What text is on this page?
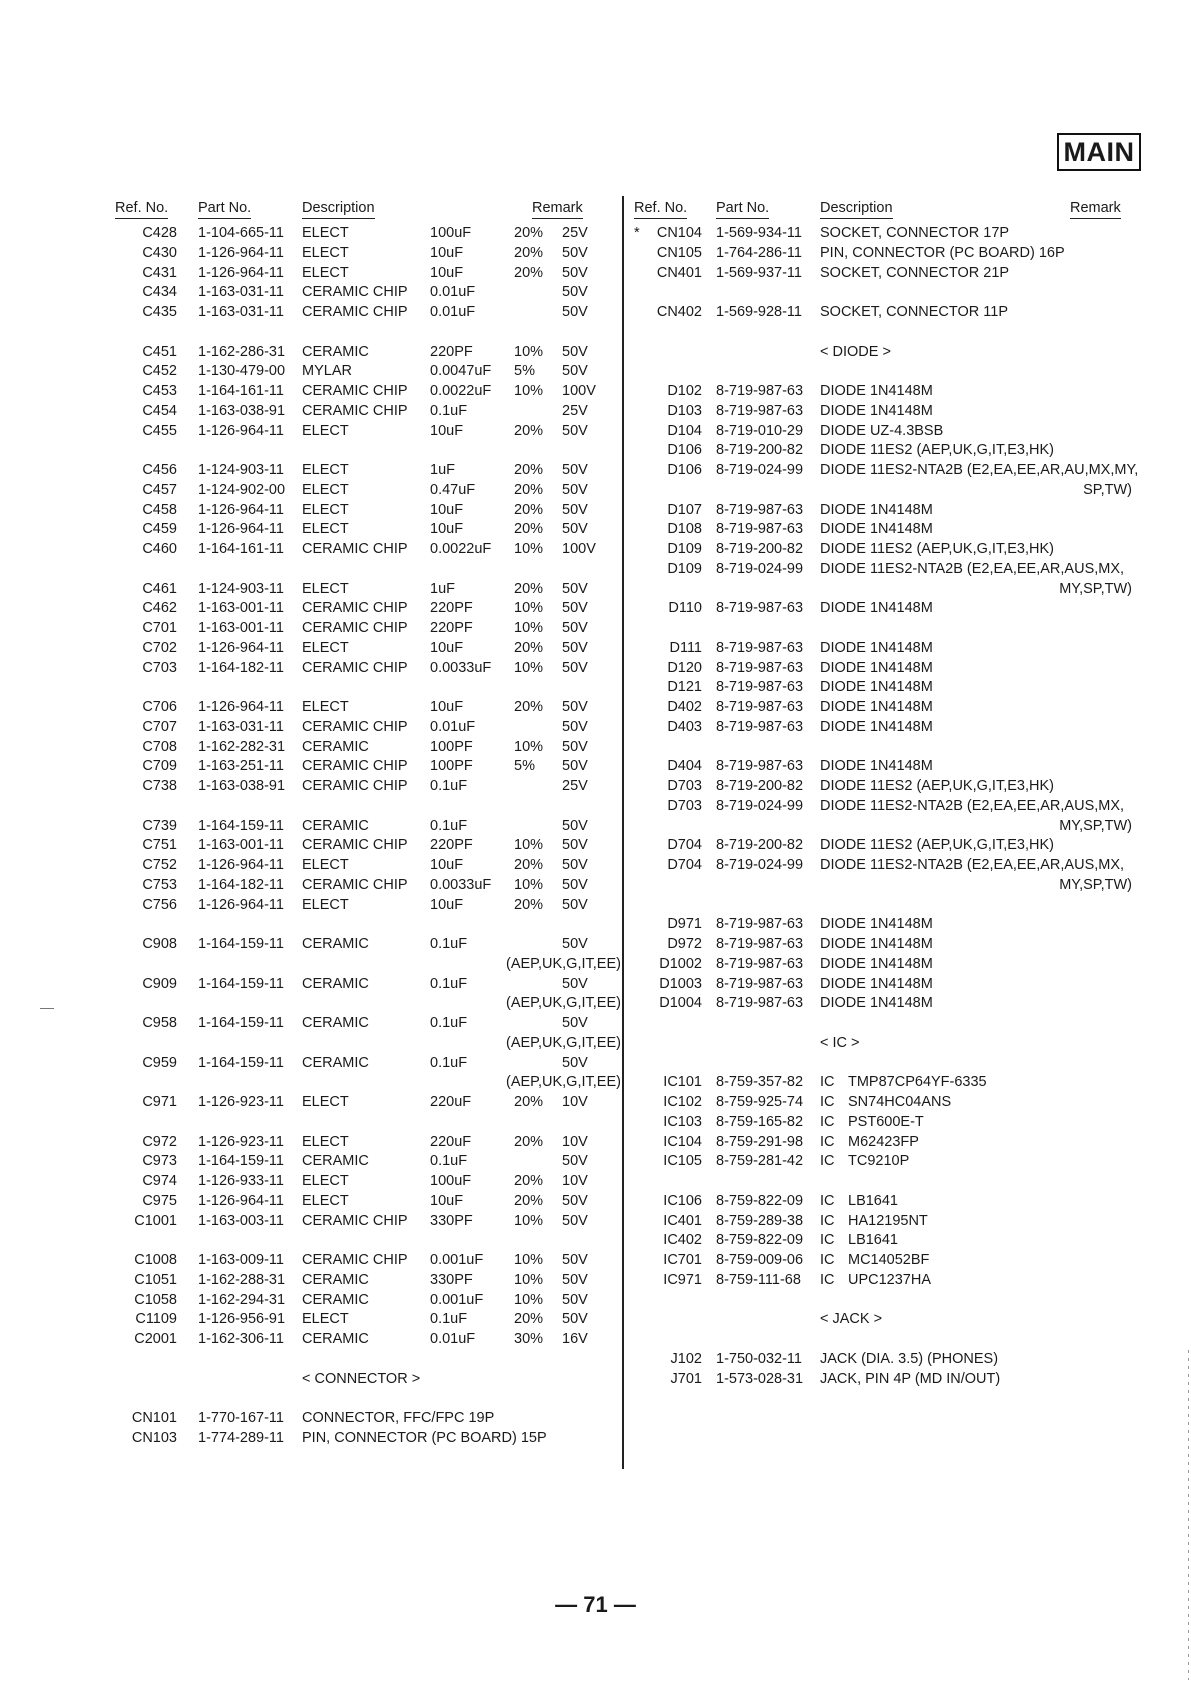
MAIN
Ref. No. Part No.	Description	Remark
C428 1-104-665-11 ELECT	100uF	20% 25V
C430 1-126-964-11 ELECT	10uF	20% 50V
C431 1-126-964-11 ELECT	10uF	20% 50V
C434 1-163-031-11 CERAMIC CHIP 0.01uF	50V
C435 1-163-031-11 CERAMIC CHIP 0.01uF	50V
C451 1-162-286-31 CERAMIC	220PF	10% 50V
C452 1-130-479-00 MYLAR	0.0047uF 5% 50V
C453 1-164-161-11 CERAMIC CHIP 0.0022uF 10% 100V
C454 1-163-038-91 CERAMIC CHIP 0.1uF	25V
C455 1-126-964-11 ELECT	10uF	20% 50V
C456 1-124-903-11 ELECT	1uF	20% 50V
C457 1-124-902-00 ELECT	0.47uF	20% 50V
C458 1-126-964-11 ELECT	10uF	20% 50V
C459 1-126-964-11 ELECT	10uF	20% 50V
C460 1-164-161-11 CERAMIC CHIP 0.0022uF 10% 100V
C461 1-124-903-11 ELECT	1uF	20% 50V
C462 1-163-001-11 CERAMIC CHIP 220PF	10% 50V
C701 1-163-001-11 CERAMIC CHIP 220PF	10% 50V
C702 1-126-964-11 ELECT	10uF	20% 50V
C703 1-164-182-11 CERAMIC CHIP 0.0033uF 10% 50V
C706 1-126-964-11 ELECT	10uF	20% 50V
C707 1-163-031-11 CERAMIC CHIP 0.01uF	50V
C708 1-162-282-31 CERAMIC	100PF	10% 50V
C709 1-163-251-11 CERAMIC CHIP 100PF	5% 50V
C738 1-163-038-91 CERAMIC CHIP 0.1uF	25V
C739 1-164-159-11 CERAMIC	0.1uF	50V
C751 1-163-001-11 CERAMIC CHIP 220PF	10% 50V
C752 1-126-964-11 ELECT	10uF	20% 50V
C753 1-164-182-11 CERAMIC CHIP 0.0033uF 10% 50V
C756 1-126-964-11 ELECT	10uF	20% 50V
C908 1-164-159-11 CERAMIC	0.1uF	50V
(AEP,UK,G,IT,EE)
C909 1-164-159-11 CERAMIC	0.1uF	50V
(AEP,UK,G,IT,EE)
C958 1-164-159-11 CERAMIC	0.1uF	50V
(AEP,UK,G,IT,EE)
C959 1-164-159-11 CERAMIC	0.1uF	50V
(AEP,UK,G,IT,EE)
C971 1-126-923-11 ELECT	220uF	20% 10V
C972 1-126-923-11 ELECT	220uF	20% 10V
C973 1-164-159-11 CERAMIC	0.1uF	50V
C974 1-126-933-11 ELECT	100uF	20% 10V
C975 1-126-964-11 ELECT	10uF	20% 50V
C1001 1-163-003-11 CERAMIC CHIP 330PF	10% 50V
C1008 1-163-009-11 CERAMIC CHIP 0.001uF 10% 50V
C1051 1-162-288-31 CERAMIC	330PF	10% 50V
C1058 1-162-294-31 CERAMIC	0.001uF 10% 50V
C1109 1-126-956-91 ELECT	0.1uF	20% 50V
C2001 1-162-306-11 CERAMIC	0.01uF	30% 16V
< CONNECTOR >
CN101 1-770-167-11 CONNECTOR, FFC/FPC 19P
CN103 1-774-289-11 PIN, CONNECTOR (PC BOARD) 15P
Ref. No. Part No.	Description	Remark
*	CN104 1-569-934-11 SOCKET, CONNECTOR 17P
CN105 1-764-286-11 PIN, CONNECTOR (PC BOARD) 16P
CN401 1-569-937-11 SOCKET, CONNECTOR 21P
CN402 1-569-928-11 SOCKET, CONNECTOR 11P
< DIODE >
D102 8-719-987-63 DIODE 1N4148M
D103 8-719-987-63 DIODE 1N4148M
D104 8-719-010-29 DIODE UZ-4.3BSB
D106 8-719-200-82 DIODE 11ES2 (AEP,UK,G,IT,E3,HK)
D106 8-719-024-99 DIODE 11ES2-NTA2B (E2,EA,EE,AR,AU,MX,MY,
SP,TW)
D107 8-719-987-63 DIODE 1N4148M
D108 8-719-987-63 DIODE 1N4148M
D109 8-719-200-82 DIODE 11ES2 (AEP,UK,G,IT,E3,HK)
D109 8-719-024-99 DIODE 11ES2-NTA2B (E2,EA,EE,AR,AUS,MX,
MY,SP,TW)
D110 8-719-987-63 DIODE 1N4148M
D111 8-719-987-63 DIODE 1N4148M
D120 8-719-987-63 DIODE 1N4148M
D121 8-719-987-63 DIODE 1N4148M
D402 8-719-987-63 DIODE 1N4148M
D403 8-719-987-63 DIODE 1N4148M
D404 8-719-987-63 DIODE 1N4148M
D703 8-719-200-82 DIODE 11ES2 (AEP,UK,G,IT,E3,HK)
D703 8-719-024-99 DIODE 11ES2-NTA2B (E2,EA,EE,AR,AUS,MX,
MY,SP,TW)
D704 8-719-200-82 DIODE 11ES2 (AEP,UK,G,IT,E3,HK)
D704 8-719-024-99 DIODE 11ES2-NTA2B (E2,EA,EE,AR,AUS,MX,
MY,SP,TW)
D971 8-719-987-63 DIODE 1N4148M
D972 8-719-987-63 DIODE 1N4148M
D1002 8-719-987-63 DIODE 1N4148M
D1003 8-719-987-63 DIODE 1N4148M
D1004 8-719-987-63 DIODE 1N4148M
< IC >
IC101 8-759-357-82 IC TMP87CP64YF-6335
IC102 8-759-925-74 IC SN74HC04ANS
IC103 8-759-165-82 IC PST600E-T
IC104 8-759-291-98 IC M62423FP
IC105 8-759-281-42 IC TC9210P
IC106 8-759-822-09 IC LB1641
IC401 8-759-289-38 IC HA12195NT
IC402 8-759-822-09 IC LB1641
IC701 8-759-009-06 IC MC14052BF
IC971 8-759-111-68 IC UPC1237HA
< JACK >
J102 1-750-032-11 JACK (DIA. 3.5) (PHONES)
J701 1-573-028-31 JACK, PIN 4P (MD IN/OUT)
— 71 —
